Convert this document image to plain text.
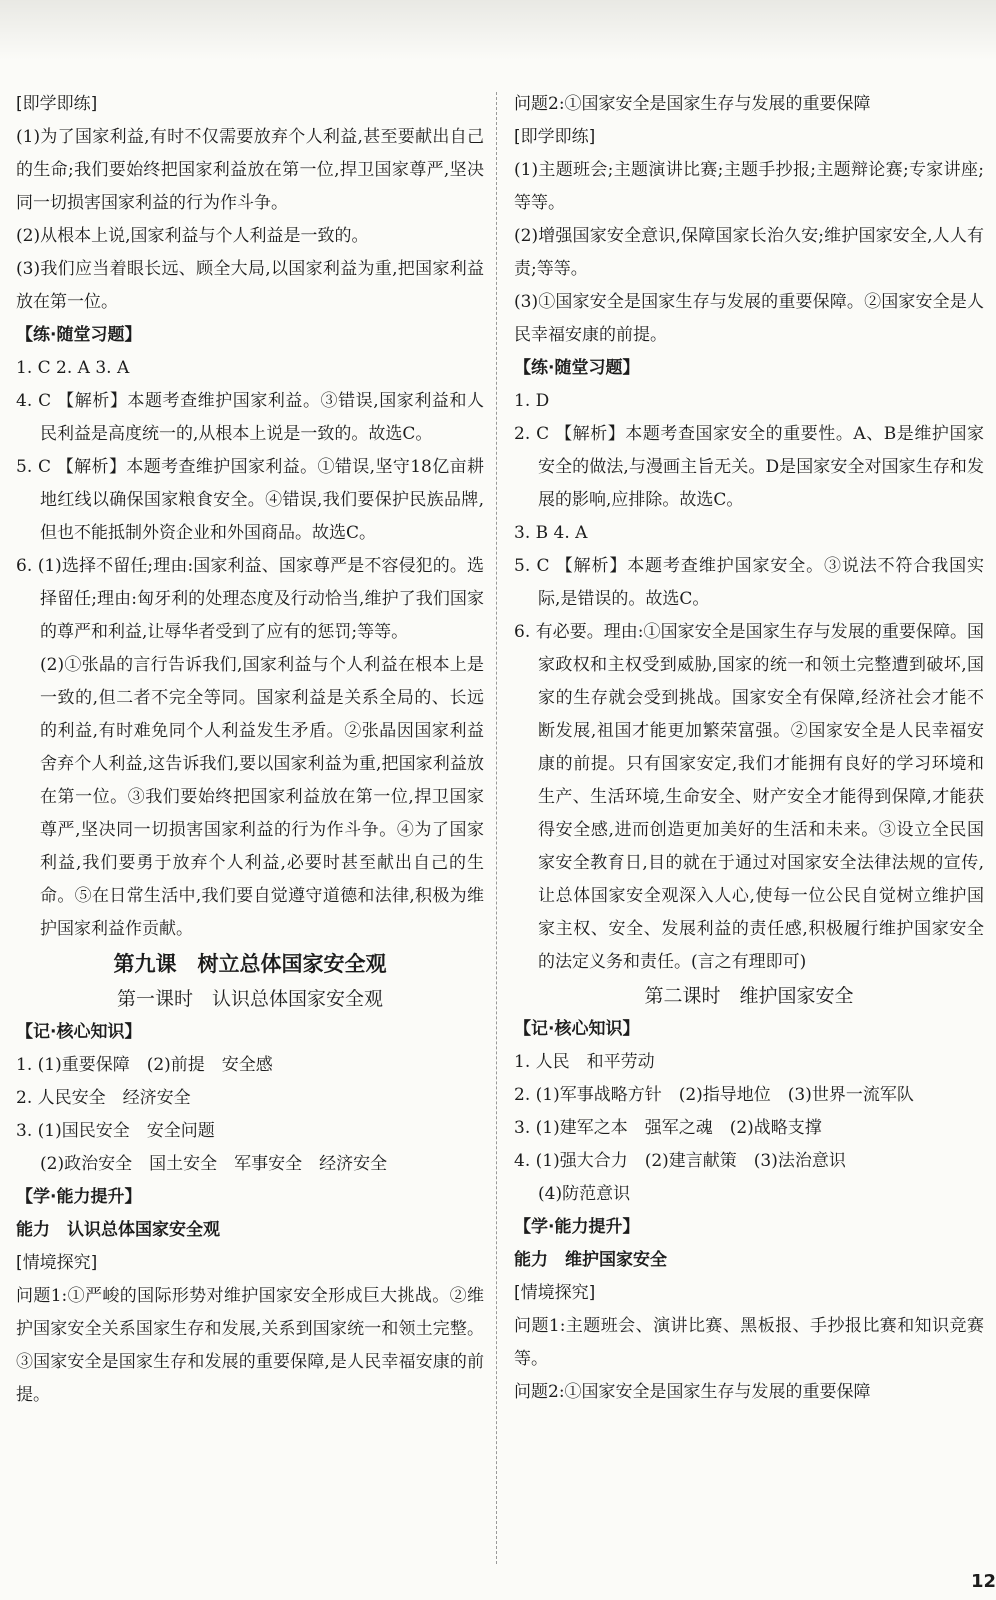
[即学即练]

(1)为了国家利益,有时不仅需要放弃个人利益,甚至要献出自己的生命;我们要始终把国家利益放在第一位,捍卫国家尊严,坚决同一切损害国家利益的行为作斗争。

(2)从根本上说,国家利益与个人利益是一致的。

(3)我们应当着眼长远、顾全大局,以国家利益为重,把国家利益放在第一位。

【练·随堂习题】

1. C 2. A 3. A

4. C 【解析】本题考查维护国家利益。③错误,国家利益和人民利益是高度统一的,从根本上说是一致的。故选C。

5. C 【解析】本题考查维护国家利益。①错误,坚守18亿亩耕地红线以确保国家粮食安全。④错误,我们要保护民族品牌,但也不能抵制外资企业和外国商品。故选C。

6. (1)选择不留任;理由:国家利益、国家尊严是不容侵犯的。选择留任;理由:匈牙利的处理态度及行动恰当,维护了我们国家的尊严和利益,让辱华者受到了应有的惩罚;等等。

(2)①张晶的言行告诉我们,国家利益与个人利益在根本上是一致的,但二者不完全等同。国家利益是关系全局的、长远的利益,有时难免同个人利益发生矛盾。②张晶因国家利益舍弃个人利益,这告诉我们,要以国家利益为重,把国家利益放在第一位。③我们要始终把国家利益放在第一位,捍卫国家尊严,坚决同一切损害国家利益的行为作斗争。④为了国家利益,我们要勇于放弃个人利益,必要时甚至献出自己的生命。⑤在日常生活中,我们要自觉遵守道德和法律,积极为维护国家利益作贡献。

第九课　树立总体国家安全观

第一课时　认识总体国家安全观

【记·核心知识】

1. (1)重要保障　(2)前提　安全感

2. 人民安全　经济安全

3. (1)国民安全　安全问题

(2)政治安全　国土安全　军事安全　经济安全

【学·能力提升】

能力　认识总体国家安全观

[情境探究]

问题1:①严峻的国际形势对维护国家安全形成巨大挑战。②维护国家安全关系国家生存和发展,关系到国家统一和领土完整。③国家安全是国家生存和发展的重要保障,是人民幸福安康的前提。

问题2:①国家安全是国家生存与发展的重要保障

[即学即练]

(1)主题班会;主题演讲比赛;主题手抄报;主题辩论赛;专家讲座;等等。

(2)增强国家安全意识,保障国家长治久安;维护国家安全,人人有责;等等。

(3)①国家安全是国家生存与发展的重要保障。②国家安全是人民幸福安康的前提。

【练·随堂习题】

1. D

2. C 【解析】本题考查国家安全的重要性。A、B是维护国家安全的做法,与漫画主旨无关。D是国家安全对国家生存和发展的影响,应排除。故选C。

3. B 4. A

5. C 【解析】本题考查维护国家安全。③说法不符合我国实际,是错误的。故选C。

6. 有必要。理由:①国家安全是国家生存与发展的重要保障。国家政权和主权受到威胁,国家的统一和领土完整遭到破坏,国家的生存就会受到挑战。国家安全有保障,经济社会才能不断发展,祖国才能更加繁荣富强。②国家安全是人民幸福安康的前提。只有国家安定,我们才能拥有良好的学习环境和生产、生活环境,生命安全、财产安全才能得到保障,才能获得安全感,进而创造更加美好的生活和未来。③设立全民国家安全教育日,目的就在于通过对国家安全法律法规的宣传,让总体国家安全观深入人心,使每一位公民自觉树立维护国家主权、安全、发展利益的责任感,积极履行维护国家安全的法定义务和责任。(言之有理即可)

第二课时　维护国家安全

【记·核心知识】

1. 人民　和平劳动

2. (1)军事战略方针　(2)指导地位　(3)世界一流军队

3. (1)建军之本　强军之魂　(2)战略支撑

4. (1)强大合力　(2)建言献策　(3)法治意识

(4)防范意识

【学·能力提升】

能力　维护国家安全

[情境探究]

问题1:主题班会、演讲比赛、黑板报、手抄报比赛和知识竞赛等。

问题2:①国家安全是国家生存与发展的重要保障

12
